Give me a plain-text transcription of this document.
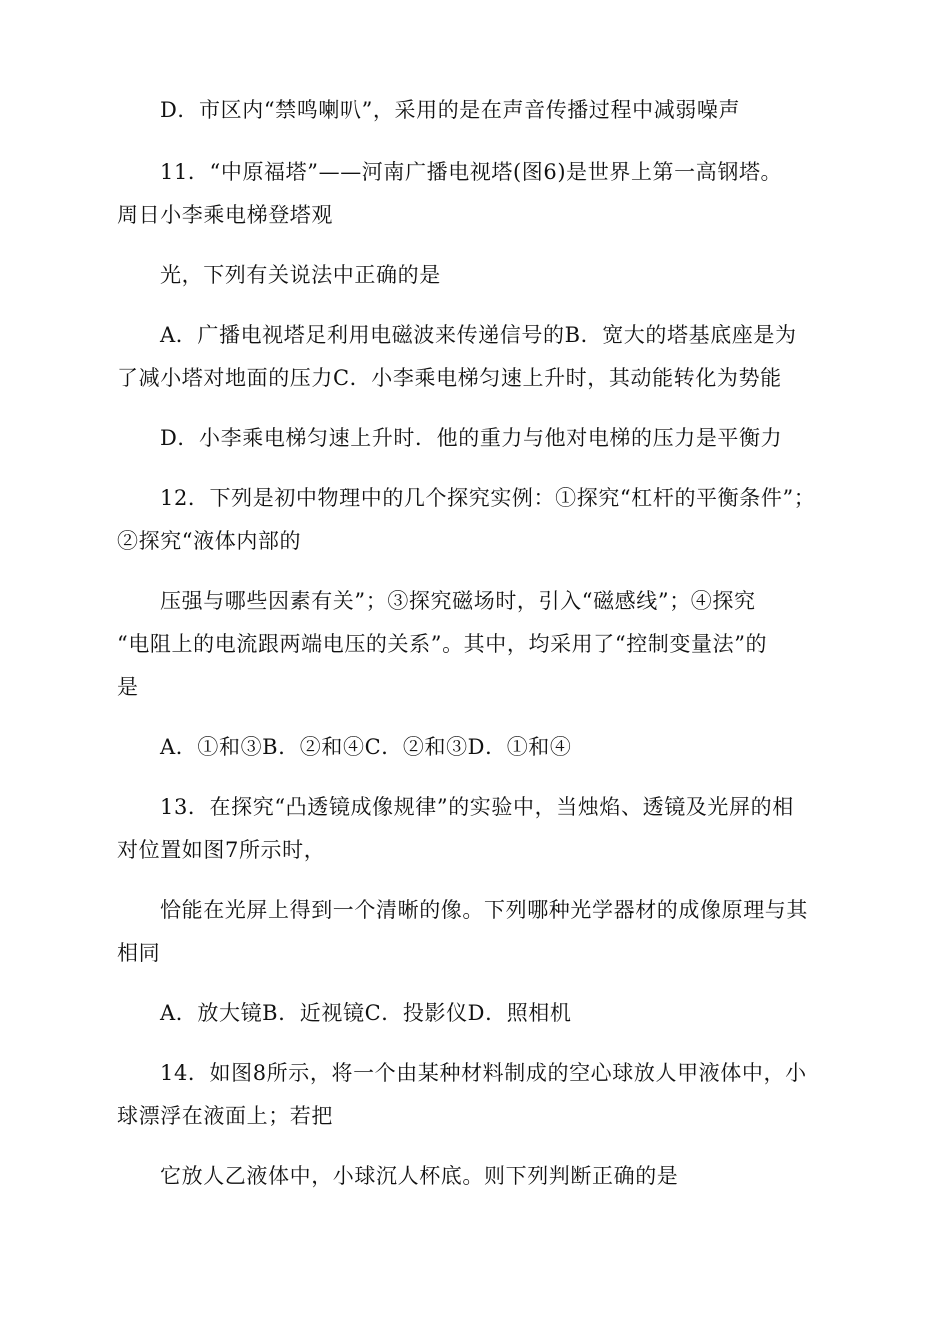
D．市区内“禁鸣喇叭”，采用的是在声音传播过程中减弱噪声
11．“中原福塔”——河南广播电视塔(图6)是世界上第一高钢塔。
周日小李乘电梯登塔观
光，下列有关说法中正确的是
A．广播电视塔足利用电磁波来传递信号的B．宽大的塔基底座是为
了减小塔对地面的压力C．小李乘电梯匀速上升时，其动能转化为势能
D．小李乘电梯匀速上升时．他的重力与他对电梯的压力是平衡力
12．下列是初中物理中的几个探究实例：①探究“杠杆的平衡条件”；
②探究“液体内部的
压强与哪些因素有关”；③探究磁场时，引入“磁感线”；④探究
“电阻上的电流跟两端电压的关系”。其中，均采用了“控制变量法”的
是
A．①和③B．②和④C．②和③D．①和④
13．在探究“凸透镜成像规律”的实验中，当烛焰、透镜及光屏的相
对位置如图7所示时，
恰能在光屏上得到一个清晰的像。下列哪种光学器材的成像原理与其
相同
A．放大镜B．近视镜C．投影仪D．照相机
14．如图8所示，将一个由某种材料制成的空心球放人甲液体中，小
球漂浮在液面上；若把
它放人乙液体中，小球沉人杯底。则下列判断正确的是
